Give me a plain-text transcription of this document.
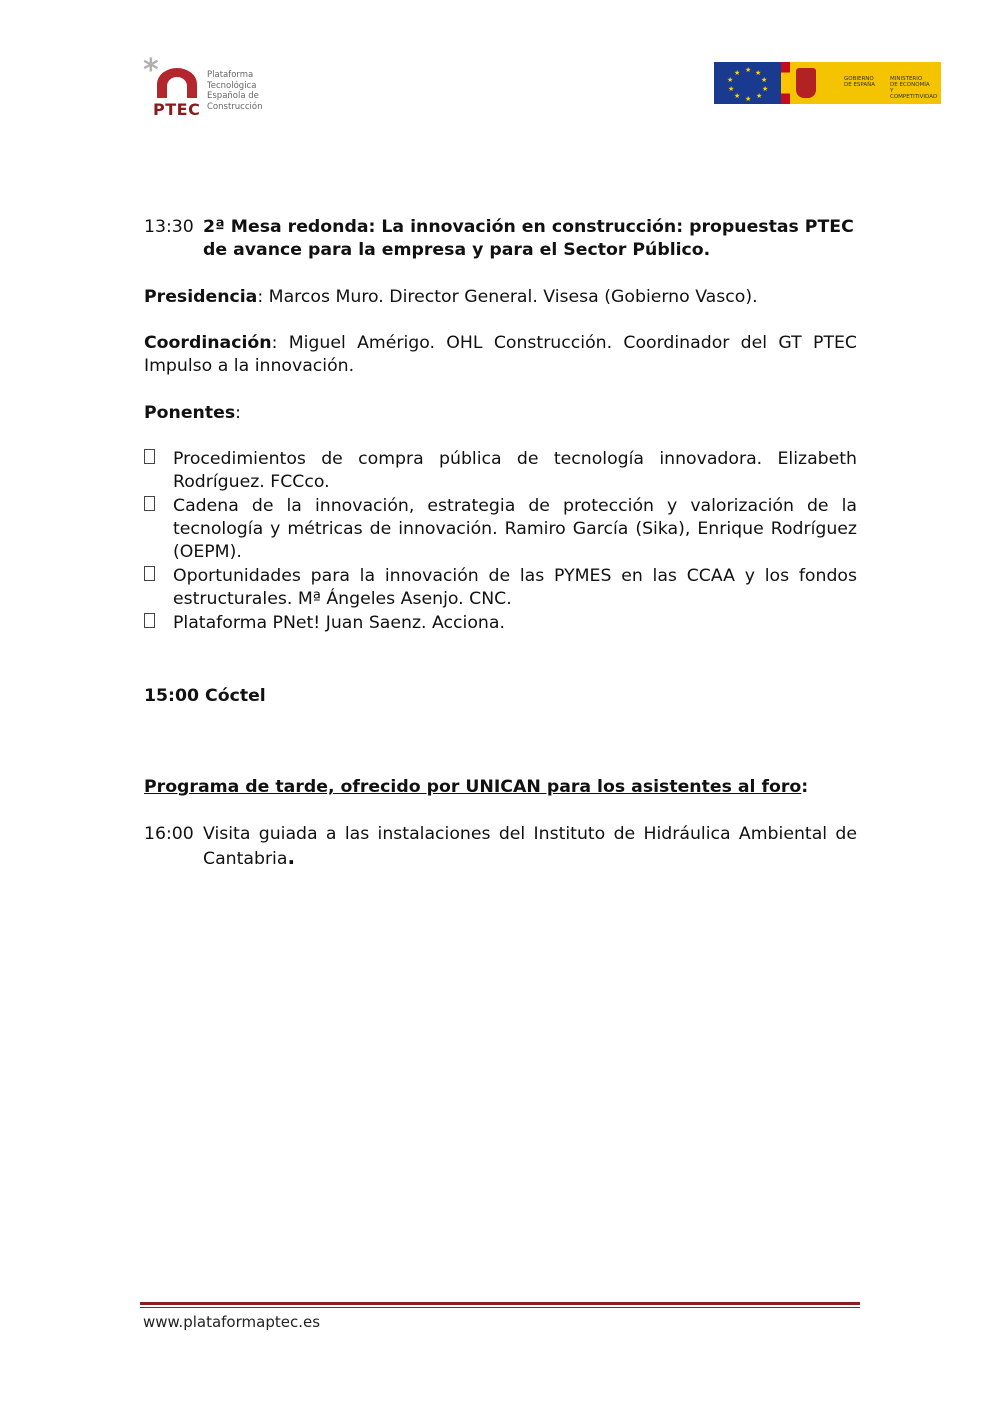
*
PTEC
Plataforma
Tecnológica
Española de
Construcción
★ ★
★
★
★
★
★
★
★
★
GOBIERNO
DE ESPAÑA
MINISTERIO
DE ECONOMÍA
Y COMPETITIVIDAD
13:30 2ª Mesa redonda: La innovación en construcción: propuestas PTEC de avance para la empresa y para el Sector Público.
Presidencia: Marcos Muro. Director General. Visesa (Gobierno Vasco).
Coordinación: Miguel Amérigo. OHL Construcción. Coordinador del GT PTEC Impulso a la innovación.
Ponentes:
Procedimientos de compra pública de tecnología innovadora. Elizabeth Rodríguez. FCCco.
Cadena de la innovación, estrategia de protección y valorización de la tecnología y métricas de innovación. Ramiro García (Sika), Enrique Rodríguez (OEPM).
Oportunidades para la innovación de las PYMES en las CCAA y los fondos estructurales. Mª Ángeles Asenjo. CNC.
Plataforma PNet! Juan Saenz. Acciona.
15:00 Cóctel
Programa de tarde, ofrecido por UNICAN para los asistentes al foro:
16:00 Visita guiada a las instalaciones del Instituto de Hidráulica Ambiental de Cantabria.
www.plataformaptec.es
